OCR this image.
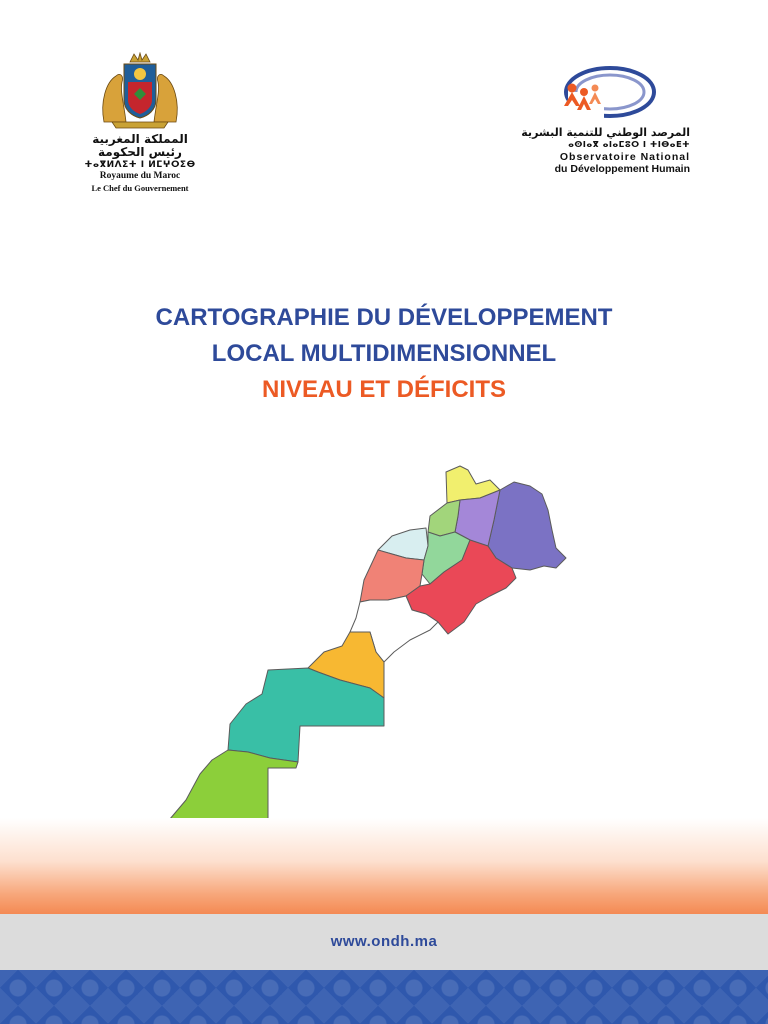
المملكة المغربية
رئيس الحكومة
ⵜⴰⴳⵍⴷⵉⵜ ⵏ ⵍⵎⵖⵔⵉⴱ
Royaume du Maroc
Le Chef du Gouvernement
المرصد الوطني للتنمية البشرية
ⴰⵙⵏⴰⴳ ⴰⵏⴰⵎⵓⵔ ⵏ ⵜⵏⴱⴰⴹⵜ
Observatoire National
du Développement Humain
CARTOGRAPHIE DU DÉVELOPPEMENT
LOCAL MULTIDIMENSIONNEL
NIVEAU ET DÉFICITS
www.ondh.ma
